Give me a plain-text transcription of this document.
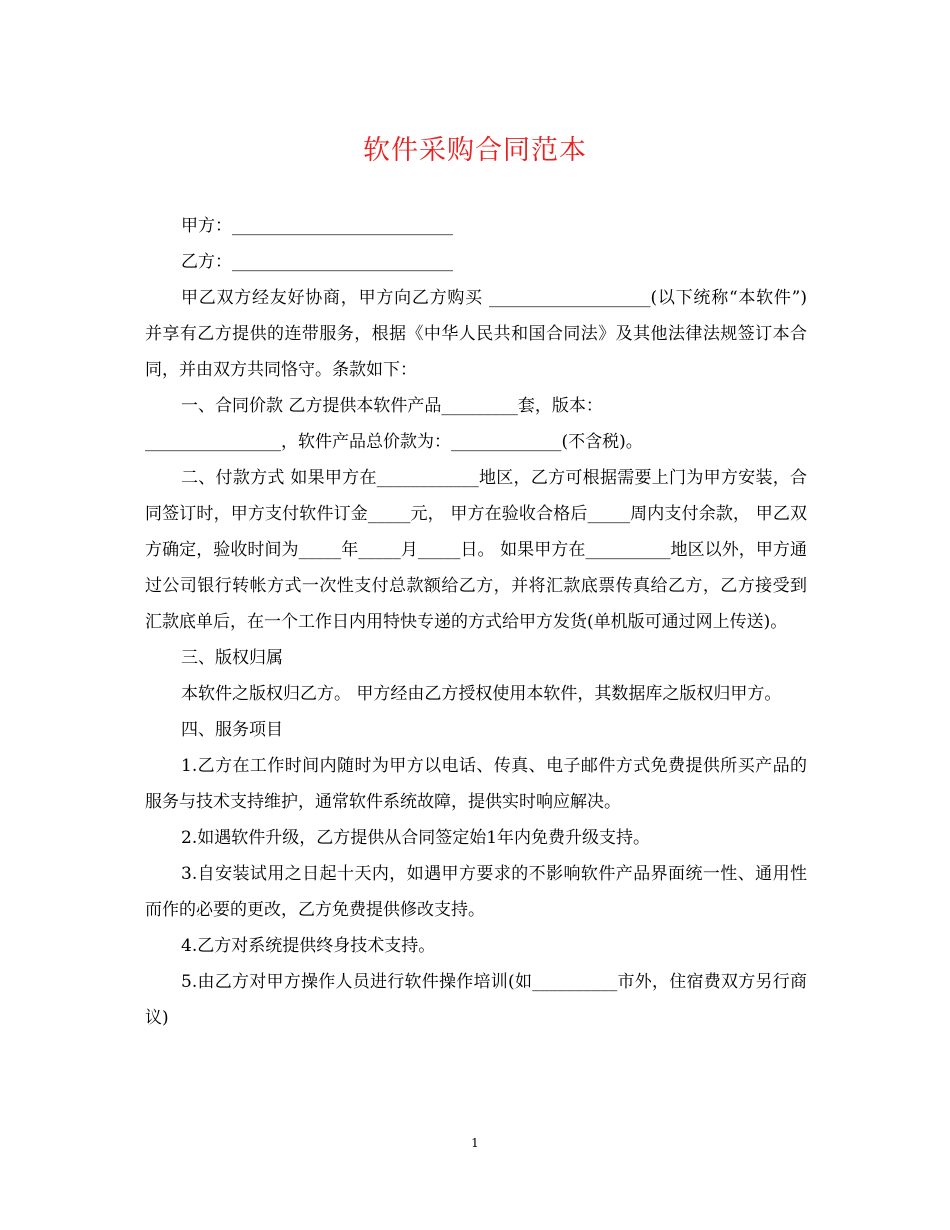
软件采购合同范本

甲方：__________________________

乙方：__________________________

甲乙双方经友好协商，甲方向乙方购买 ___________________(以下统称“本软件”) 并享有乙方提供的连带服务，根据《中华人民共和国合同法》及其他法律法规签订本合同，并由双方共同恪守。条款如下：

一、合同价款 乙方提供本软件产品_________套，版本：

________________，软件产品总价款为：_____________(不含税)。

二、付款方式 如果甲方在____________地区，乙方可根据需要上门为甲方安装，合同签订时，甲方支付软件订金_____元， 甲方在验收合格后_____周内支付余款， 甲乙双方确定，验收时间为_____年_____月_____日。 如果甲方在__________地区以外，甲方通过公司银行转帐方式一次性支付总款额给乙方，并将汇款底票传真给乙方，乙方接受到汇款底单后，在一个工作日内用特快专递的方式给甲方发货(单机版可通过网上传送)。

三、版权归属

本软件之版权归乙方。 甲方经由乙方授权使用本软件，其数据库之版权归甲方。

四、服务项目

1.乙方在工作时间内随时为甲方以电话、传真、电子邮件方式免费提供所买产品的服务与技术支持维护，通常软件系统故障，提供实时响应解决。

2.如遇软件升级，乙方提供从合同签定始1年内免费升级支持。

3.自安装试用之日起十天内，如遇甲方要求的不影响软件产品界面统一性、通用性而作的必要的更改，乙方免费提供修改支持。

4.乙方对系统提供终身技术支持。

5.由乙方对甲方操作人员进行软件操作培训(如__________市外，住宿费双方另行商议)

1
